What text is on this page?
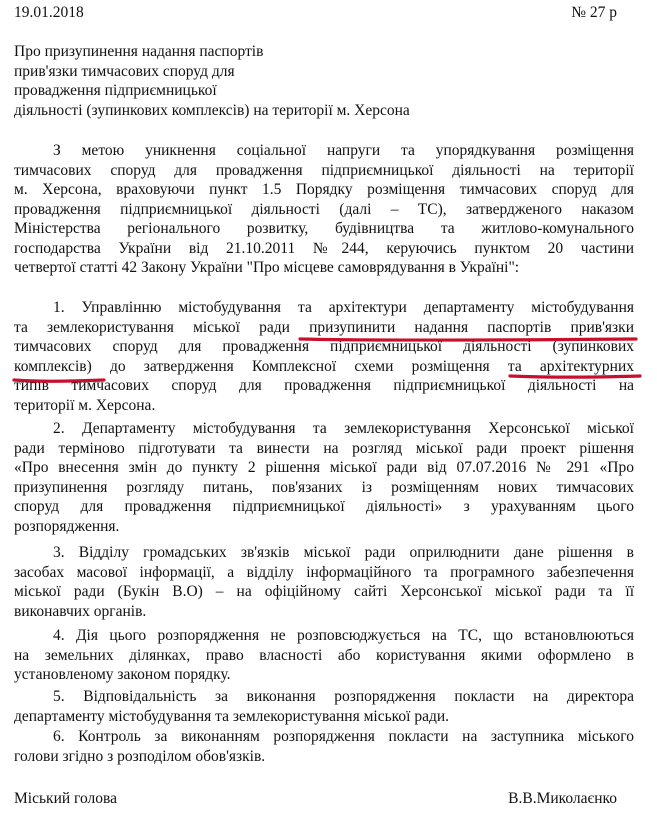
19.01.2018	№ 27 р
Про призупинення надання паспортів
прив'язки тимчасових споруд для
провадження підприємницької
діяльності (зупинкових комплексів) на території м. Херсона
З метою уникнення соціальної напруги та упорядкування розміщення
тимчасових споруд для провадження підприємницької діяльності на території
м. Херсона, враховуючи пункт 1.5 Порядку розміщення тимчасових споруд для
провадження підприємницької діяльності (далі – ТС), затвердженого наказом
Міністерства регіонального розвитку, будівництва та житлово-комунального
господарства України від 21.10.2011 №244, керуючись пунктом 20 частини
четвертої статті 42 Закону України "Про місцеве самоврядування в Україні":
1. Управлінню містобудування та архітектури департаменту містобудування
та землекористування міської ради призупинити надання паспортів прив'язки
тимчасових споруд для провадження підприємницької діяльності (зупинкових
комплексів) до затвердження Комплексної схеми розміщення та архітектурних
типів тимчасових споруд для провадження підприємницької діяльності на
території м. Херсона.
2. Департаменту містобудування та землекористування Херсонської міської
ради терміново підготувати та винести на розгляд міської ради проект рішення
«Про внесення змін до пункту 2 рішення міської ради від 07.07.2016 № 291 «Про
призупинення розгляду питань, пов'язаних із розміщенням нових тимчасових
споруд для провадження підприємницької діяльності» з урахуванням цього
розпорядження.
3. Відділу громадських зв'язків міської ради оприлюднити дане рішення в
засобах масової інформації, а відділу інформаційного та програмного забезпечення
міської ради (Букін В.О) – на офіційному сайті Херсонської міської ради та її
виконавчих органів.
4. Дія цього розпорядження не розповсюджується на ТС, що встановлюються
на земельних ділянках, право власності або користування якими оформлено в
установленому законом порядку.
5. Відповідальність за виконання розпорядження покласти на директора
департаменту містобудування та землекористування міської ради.
6. Контроль за виконанням розпорядження покласти на заступника міського
голови згідно з розподілом обов'язків.
Міський голова	В.В.Миколаєнко
